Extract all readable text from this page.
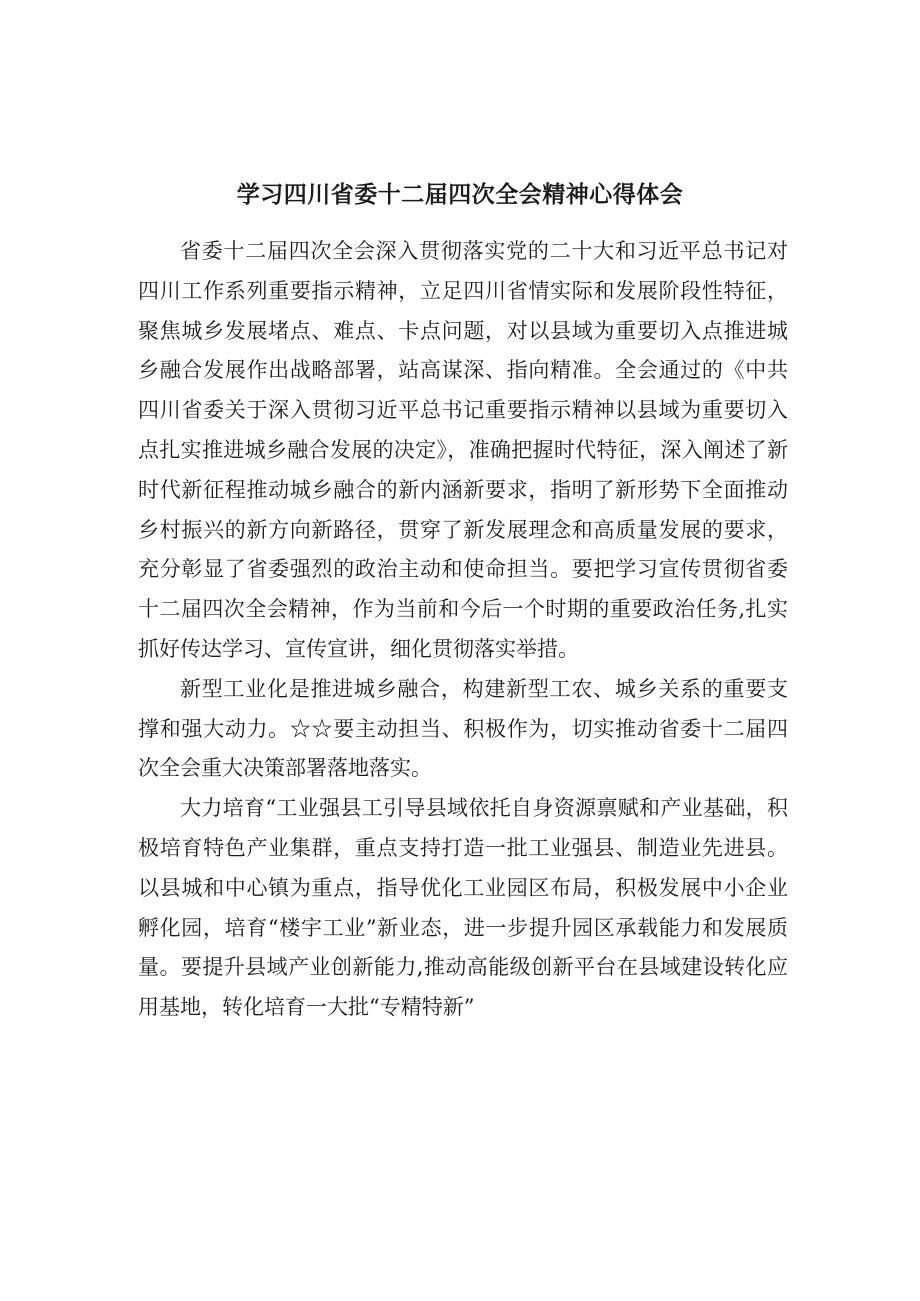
学习四川省委十二届四次全会精神心得体会

省委十二届四次全会深入贯彻落实党的二十大和习近平总书记对四川工作系列重要指示精神，立足四川省情实际和发展阶段性特征，聚焦城乡发展堵点、难点、卡点问题，对以县域为重要切入点推进城乡融合发展作出战略部署，站高谋深、指向精准。全会通过的《中共四川省委关于深入贯彻习近平总书记重要指示精神以县域为重要切入点扎实推进城乡融合发展的决定》，准确把握时代特征，深入阐述了新时代新征程推动城乡融合的新内涵新要求，指明了新形势下全面推动乡村振兴的新方向新路径，贯穿了新发展理念和高质量发展的要求，充分彰显了省委强烈的政治主动和使命担当。要把学习宣传贯彻省委十二届四次全会精神，作为当前和今后一个时期的重要政治任务,扎实抓好传达学习、宣传宣讲，细化贯彻落实举措。

新型工业化是推进城乡融合，构建新型工农、城乡关系的重要支撑和强大动力。☆☆要主动担当、积极作为，切实推动省委十二届四次全会重大决策部署落地落实。

大力培育“工业强县工引导县域依托自身资源禀赋和产业基础，积极培育特色产业集群，重点支持打造一批工业强县、制造业先进县。以县城和中心镇为重点，指导优化工业园区布局，积极发展中小企业孵化园，培育“楼宇工业”新业态，进一步提升园区承载能力和发展质量。要提升县域产业创新能力,推动高能级创新平台在县域建设转化应用基地，转化培育一大批“专精特新”
